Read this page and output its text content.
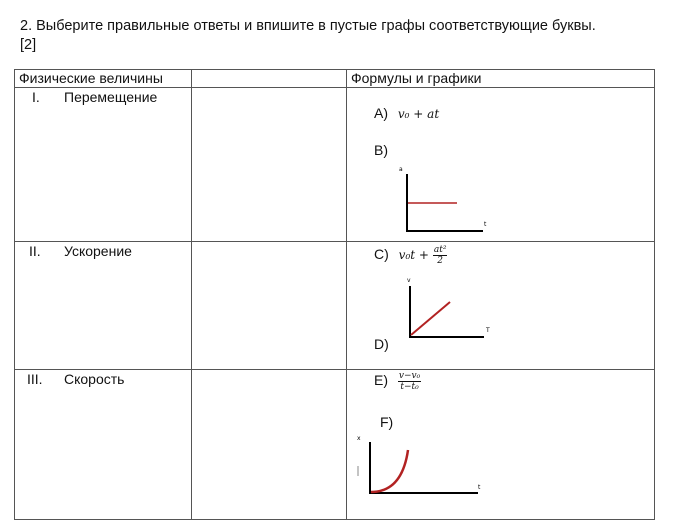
2. Выберите правильные ответы и впишите в пустые графы соответствующие буквы.
[2]
Физические величины	Формулы и графики
I. Перемещение
II. Ускорение
III. Скорость
A) v₀ + at
B)
a
t
C) $v_0t + \frac{\text{at²}}{2}$
v
T
D)
$E) \frac{\text{v−v₀}}{\text{t−t₀}}$
F)
x
t
